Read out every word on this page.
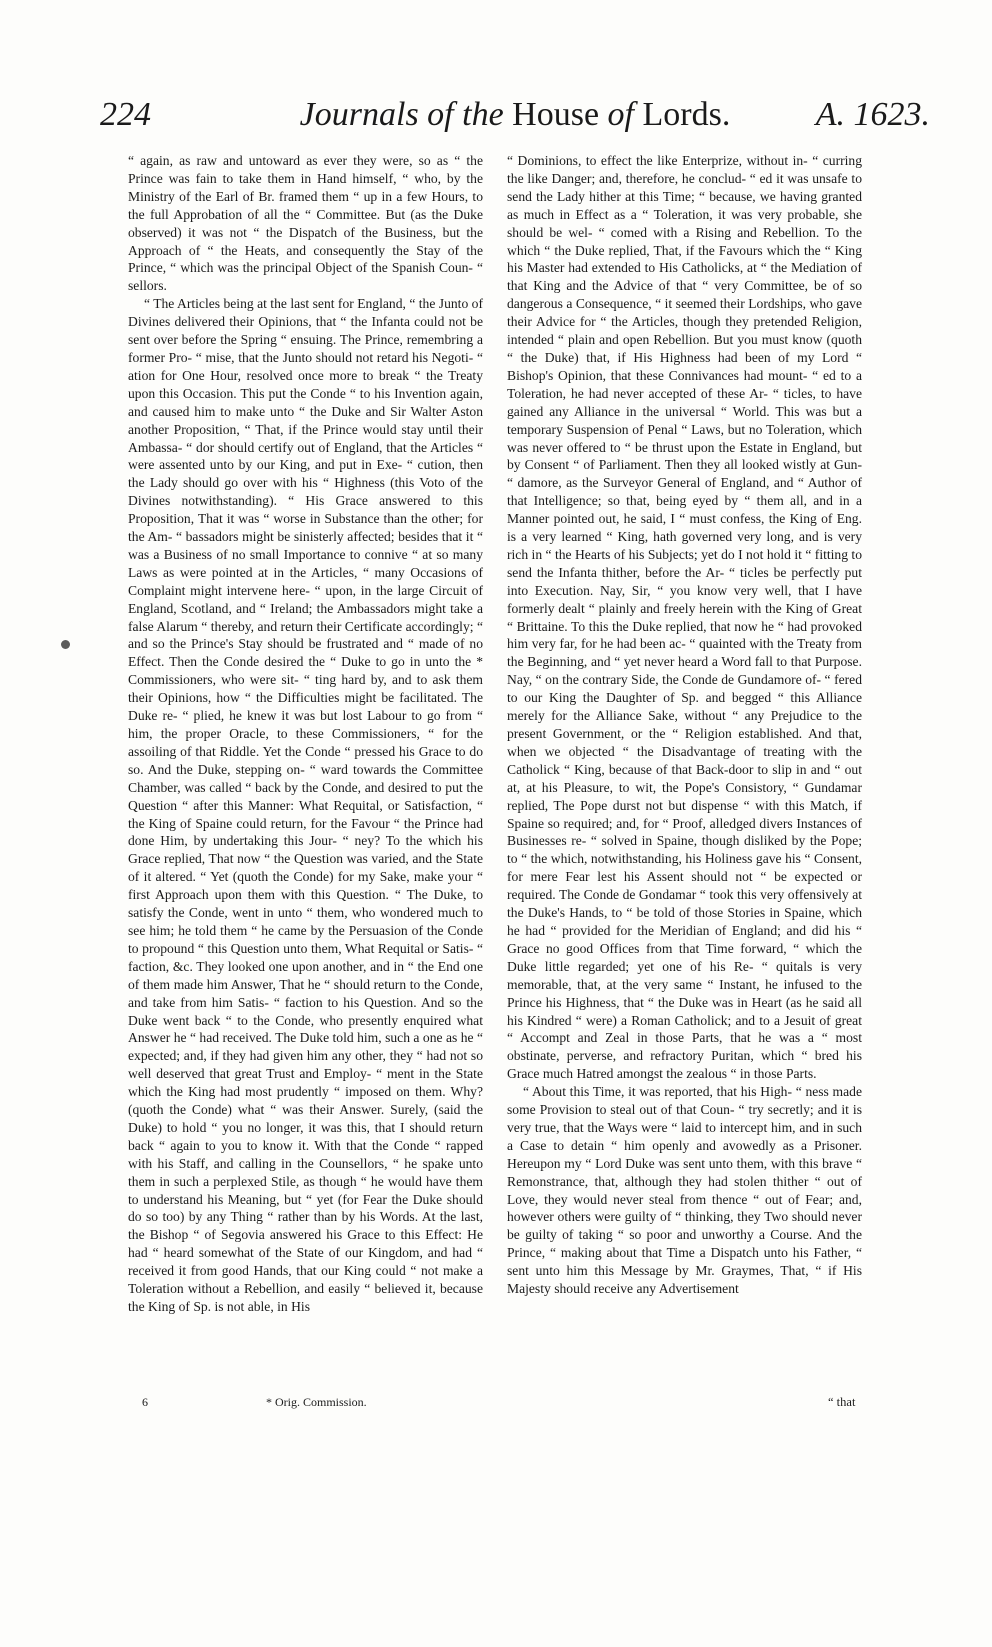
224	Journals of the House of Lords.	A. 1623.

“ again, as raw and untoward as ever they were, so as “ the Prince was fain to take them in Hand himself, “ who, by the Ministry of the Earl of Br. framed them “ up in a few Hours, to the full Approbation of all the “ Committee. But (as the Duke observed) it was not “ the Dispatch of the Business, but the Approach of “ the Heats, and consequently the Stay of the Prince, “ which was the principal Object of the Spanish Coun- “ sellors.

“ The Articles being at the last sent for England, “ the Junto of Divines delivered their Opinions, that “ the Infanta could not be sent over before the Spring “ ensuing. The Prince, remembring a former Pro- “ mise, that the Junto should not retard his Negoti- “ ation for One Hour, resolved once more to break “ the Treaty upon this Occasion. This put the Conde “ to his Invention again, and caused him to make unto “ the Duke and Sir Walter Aston another Proposition, “ That, if the Prince would stay until their Ambassa- “ dor should certify out of England, that the Articles “ were assented unto by our King, and put in Exe- “ cution, then the Lady should go over with his “ Highness (this Voto of the Divines notwithstanding). “ His Grace answered to this Proposition, That it was “ worse in Substance than the other; for the Am- “ bassadors might be sinisterly affected; besides that it “ was a Business of no small Importance to connive “ at so many Laws as were pointed at in the Articles, “ many Occasions of Complaint might intervene here- “ upon, in the large Circuit of England, Scotland, and “ Ireland; the Ambassadors might take a false Alarum “ thereby, and return their Certificate accordingly; “ and so the Prince's Stay should be frustrated and “ made of no Effect. Then the Conde desired the “ Duke to go in unto the * Commissioners, who were sit- “ ting hard by, and to ask them their Opinions, how “ the Difficulties might be facilitated. The Duke re- “ plied, he knew it was but lost Labour to go from “ him, the proper Oracle, to these Commissioners, “ for the assoiling of that Riddle. Yet the Conde “ pressed his Grace to do so. And the Duke, stepping on- “ ward towards the Committee Chamber, was called “ back by the Conde, and desired to put the Question “ after this Manner: What Requital, or Satisfaction, “ the King of Spaine could return, for the Favour “ the Prince had done Him, by undertaking this Jour- “ ney? To the which his Grace replied, That now “ the Question was varied, and the State of it altered. “ Yet (quoth the Conde) for my Sake, make your “ first Approach upon them with this Question. “ The Duke, to satisfy the Conde, went in unto “ them, who wondered much to see him; he told them “ he came by the Persuasion of the Conde to propound “ this Question unto them, What Requital or Satis- “ faction, &c. They looked one upon another, and in “ the End one of them made him Answer, That he “ should return to the Conde, and take from him Satis- “ faction to his Question. And so the Duke went back “ to the Conde, who presently enquired what Answer he “ had received. The Duke told him, such a one as he “ expected; and, if they had given him any other, they “ had not so well deserved that great Trust and Employ- “ ment in the State which the King had most prudently “ imposed on them. Why? (quoth the Conde) what “ was their Answer. Surely, (said the Duke) to hold “ you no longer, it was this, that I should return back “ again to you to know it. With that the Conde “ rapped with his Staff, and calling in the Counsellors, “ he spake unto them in such a perplexed Stile, as though “ he would have them to understand his Meaning, but “ yet (for Fear the Duke should do so too) by any Thing “ rather than by his Words. At the last, the Bishop “ of Segovia answered his Grace to this Effect: He had “ heard somewhat of the State of our Kingdom, and had “ received it from good Hands, that our King could “ not make a Toleration without a Rebellion, and easily “ believed it, because the King of Sp. is not able, in His

“ Dominions, to effect the like Enterprize, without in- “ curring the like Danger; and, therefore, he conclud- “ ed it was unsafe to send the Lady hither at this Time; “ because, we having granted as much in Effect as a “ Toleration, it was very probable, she should be wel- “ comed with a Rising and Rebellion. To the which “ the Duke replied, That, if the Favours which the “ King his Master had extended to His Catholicks, at “ the Mediation of that King and the Advice of that “ very Committee, be of so dangerous a Consequence, “ it seemed their Lordships, who gave their Advice for “ the Articles, though they pretended Religion, intended “ plain and open Rebellion. But you must know (quoth “ the Duke) that, if His Highness had been of my Lord “ Bishop's Opinion, that these Connivances had mount- “ ed to a Toleration, he had never accepted of these Ar- “ ticles, to have gained any Alliance in the universal “ World. This was but a temporary Suspension of Penal “ Laws, but no Toleration, which was never offered to “ be thrust upon the Estate in England, but by Consent “ of Parliament. Then they all looked wistly at Gun- “ damore, as the Surveyor General of England, and “ Author of that Intelligence; so that, being eyed by “ them all, and in a Manner pointed out, he said, I “ must confess, the King of Eng. is a very learned “ King, hath governed very long, and is very rich in “ the Hearts of his Subjects; yet do I not hold it “ fitting to send the Infanta thither, before the Ar- “ ticles be perfectly put into Execution. Nay, Sir, “ you know very well, that I have formerly dealt “ plainly and freely herein with the King of Great “ Brittaine. To this the Duke replied, that now he “ had provoked him very far, for he had been ac- “ quainted with the Treaty from the Beginning, and “ yet never heard a Word fall to that Purpose. Nay, “ on the contrary Side, the Conde de Gundamore of- “ fered to our King the Daughter of Sp. and begged “ this Alliance merely for the Alliance Sake, without “ any Prejudice to the present Government, or the “ Religion established. And that, when we objected “ the Disadvantage of treating with the Catholick “ King, because of that Back-door to slip in and “ out at, at his Pleasure, to wit, the Pope's Consistory, “ Gundamar replied, The Pope durst not but dispense “ with this Match, if Spaine so required; and, for “ Proof, alledged divers Instances of Businesses re- “ solved in Spaine, though disliked by the Pope; to “ the which, notwithstanding, his Holiness gave his “ Consent, for mere Fear lest his Assent should not “ be expected or required. The Conde de Gondamar “ took this very offensively at the Duke's Hands, to “ be told of those Stories in Spaine, which he had “ provided for the Meridian of England; and did his “ Grace no good Offices from that Time forward, “ which the Duke little regarded; yet one of his Re- “ quitals is very memorable, that, at the very same “ Instant, he infused to the Prince his Highness, that “ the Duke was in Heart (as he said all his Kindred “ were) a Roman Catholick; and to a Jesuit of great “ Accompt and Zeal in those Parts, that he was a “ most obstinate, perverse, and refractory Puritan, which “ bred his Grace much Hatred amongst the zealous “ in those Parts.

“ About this Time, it was reported, that his High- “ ness made some Provision to steal out of that Coun- “ try secretly; and it is very true, that the Ways were “ laid to intercept him, and in such a Case to detain “ him openly and avowedly as a Prisoner. Hereupon my “ Lord Duke was sent unto them, with this brave “ Remonstrance, that, although they had stolen thither “ out of Love, they would never steal from thence “ out of Fear; and, however others were guilty of “ thinking, they Two should never be guilty of taking “ so poor and unworthy a Course. And the Prince, “ making about that Time a Dispatch unto his Father, “ sent unto him this Message by Mr. Graymes, That, “ if His Majesty should receive any Advertisement

6	* Orig. Commission.	“ that
